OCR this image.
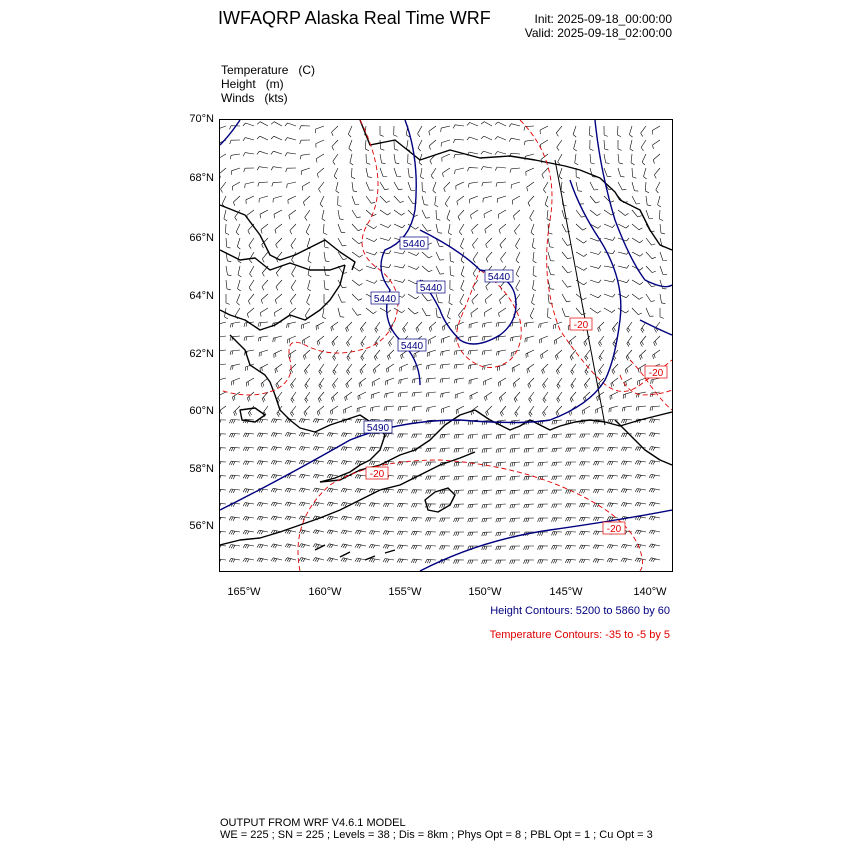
IWFAQRP Alaska Real Time WRF	Init: 2025-09-18_00:00:00
Valid: 2025-09-18_02:00:00
Temperature (C)
Height (m)
Winds (kts)
70°N
68°N
66°N
64°N
62°N
60°N
58°N
56°N
165°W	160°W	155°W	150°W	145°W	140°W
5440
5440
5440
5440
5440
5490
-20
-20
-20
-20
Height Contours: 5200 to 5860 by 60
Temperature Contours: -35 to -5 by 5
OUTPUT FROM WRF V4.6.1 MODEL
WE = 225 ; SN = 225 ; Levels = 38 ; Dis = 8km ; Phys Opt = 8 ; PBL Opt = 1 ; Cu Opt = 3
